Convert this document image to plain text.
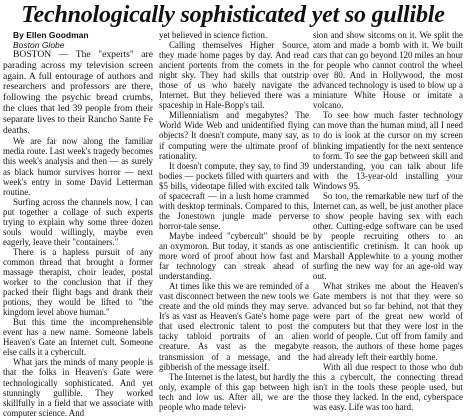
Technologically sophisticated yet so gullible

By Ellen Goodman

Boston Globe

BOSTON — The "experts" are parading across my television screen again. A full entourage of authors and researchers and professors are there, following the psychic bread crumbs, the clues that led 39 people from their separate lives to their Rancho Sante Fe deaths.

We are far now along the familiar media route. Last week's tragedy becomes this week's analysis and then — as surely as black humor survives horror — next week's entry in some David Letterman routine.

Surfing across the channels now, I can put together a collage of such experts trying to explain why some three dozen souls would willingly, maybe even eagerly, leave their "containers."

There is a hapless pursuit of any common thread that brought a former massage therapist, choir leader, postal worker to the conclusion that if they packed their flight bags and drank their potions, they would be lifted to "the kingdom level above human."

But this time the incomprehensible event has a new name. Someone labels Heaven's Gate an Internet cult. Someone else calls it a cybercult.

What jars the minds of many people is that the folks in Heaven's Gate were technologically sophisticated. And yet stunningly gullible. They worked skillfully in a field that we associate with computer science. And

yet believed in science fiction.

Calling themselves Higher Source, they made home pages by day. And read ancient portents from the comets in the night sky. They had skills that outstrip those of us who barely navigate the Internet. But they believed there was a spaceship in Hale-Bopp's tail.

Millennialism and megabytes? The World Wide Web and unidentified flying objects? It doesn't compute, many say, as if computing were the ultimate proof of rationality.

It doesn't compute, they say, to find 39 bodies — pockets filled with quarters and $5 bills, videotape filled with excited talk of spacecraft — in a lush home crammed with desktop terminals. Compared to this, the Jonestown jungle made perverse horror-tale sense.

Maybe indeed "cybercult" should be an oxymoron. But today, it stands as one more word of proof about how fast and far technology can streak ahead of understanding.

At times like this we are reminded of a vast disconnect between the new tools we create and the old minds they may serve. It's as vast as Heaven's Gate's home page that used electronic talent to post the tacky tabloid portraits of an alien creature. As vast as the megabyte transmission of a message, and the gibberish of the message itself.

The Internet is the latest, but hardly the only, example of this gap between high tech and low us. After all, we are the people who made televi-

sion and show sitcoms on it. We split the atom and made a bomb with it. We built cars that can go beyond 120 miles an hour for people who cannot control the wheel over 80. And in Hollywood, the most advanced technology is used to blow up a miniature White House or imitate a volcano.

To see how much faster technology can move than the human mind, all I need to do is look at the cursor on my screen blinking impatiently for the next sentence to form. To see the gap between skill and understanding, you can talk about life with the 13-year-old installing your Windows 95.

So too, the remarkable new turf of the Internet can, as well, be just another place to show people having sex with each other. Cutting-edge software can be used by people recruiting others to an antiscientific cretinism. It can hook up Marshall Applewhite to a young mother surfing the new way for an age-old way out.

What strikes me about the Heaven's Gate members is not that they were so advanced but so far behind, not that they were part of the great new world of computers but that they were lost in the world of people. Cut off from family and reason, the authors of these home pages had already left their earthly home.

With all due respect to those who dub this a cybercult, the connecting thread isn't in the tools these people used, but those they lacked. In the end, cyberspace was easy. Life was too hard.
